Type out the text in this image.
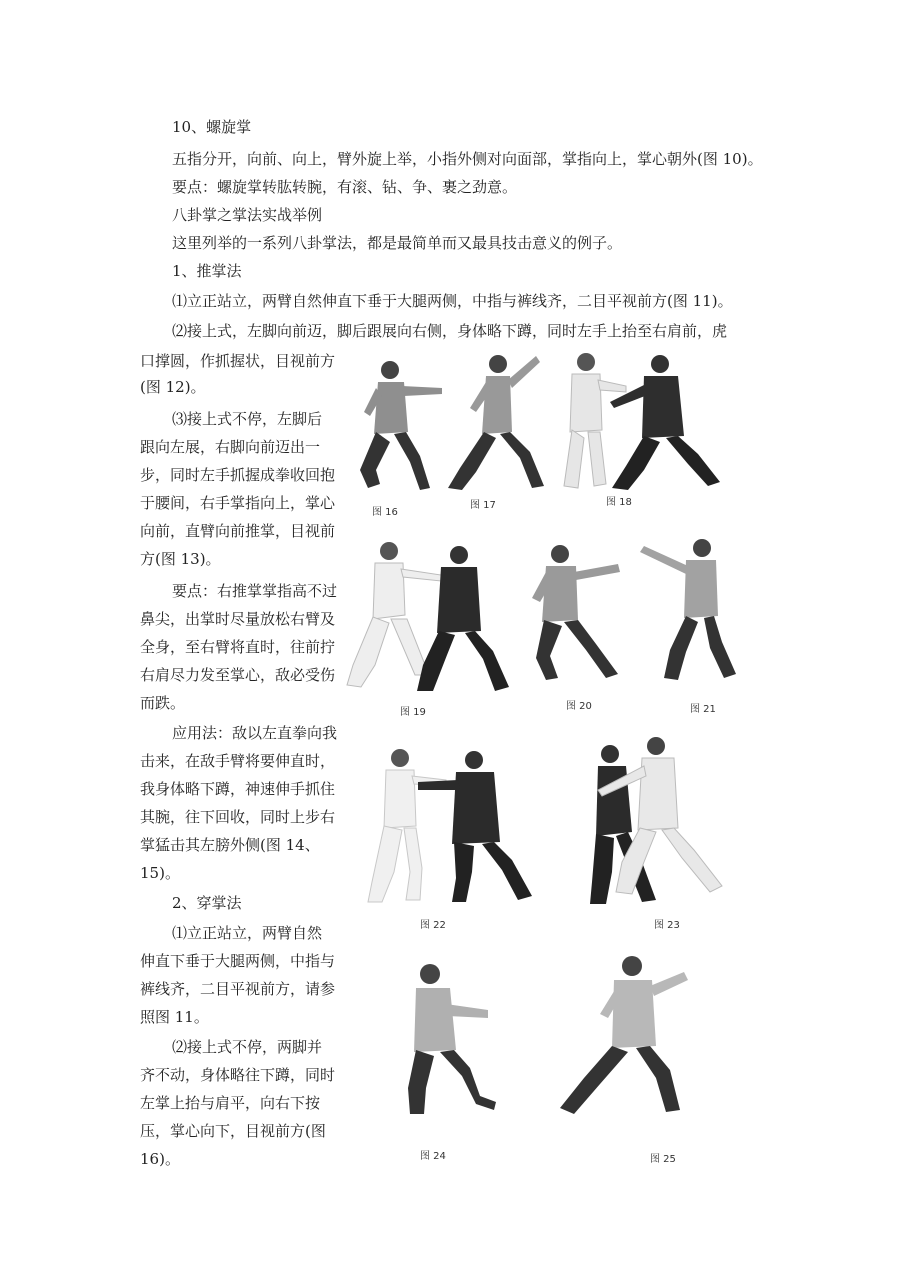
10、螺旋掌
五指分开，向前、向上，臂外旋上举，小指外侧对向面部，掌指向上，掌心朝外(图 10)。
要点：螺旋掌转肱转腕，有滚、钻、争、裹之劲意。
八卦掌之掌法实战举例
这里列举的一系列八卦掌法，都是最简单而又最具技击意义的例子。
1、推掌法
⑴立正站立，两臂自然伸直下垂于大腿两侧，中指与裤线齐，二目平视前方(图 11)。
⑵接上式，左脚向前迈，脚后跟展向右侧，身体略下蹲，同时左手上抬至右肩前，虎
口撑圆，作抓握状，目视前方
(图 12)。
⑶接上式不停，左脚后
跟向左展，右脚向前迈出一
步，同时左手抓握成拳收回抱
于腰间，右手掌指向上，掌心
向前，直臂向前推掌，目视前
方(图 13)。
要点：右推掌掌指高不过
鼻尖，出掌时尽量放松右臂及
全身，至右臂将直时，往前拧
右肩尽力发至掌心，敌必受伤
而跌。
应用法：敌以左直拳向我
击来，在敌手臂将要伸直时，
我身体略下蹲，神速伸手抓住
其腕，往下回收，同时上步右
掌猛击其左膀外侧(图 14、
15)。
2、穿掌法
⑴立正站立，两臂自然
伸直下垂于大腿两侧，中指与
裤线齐，二目平视前方，请参
照图 11。
⑵接上式不停，两脚并
齐不动，身体略往下蹲，同时
左掌上抬与肩平，向右下按
压，掌心向下，目视前方(图
16)。
图 16
图 17	图 18
图 19
图 20	图 21
图 22	图 23
图 24	图 25
